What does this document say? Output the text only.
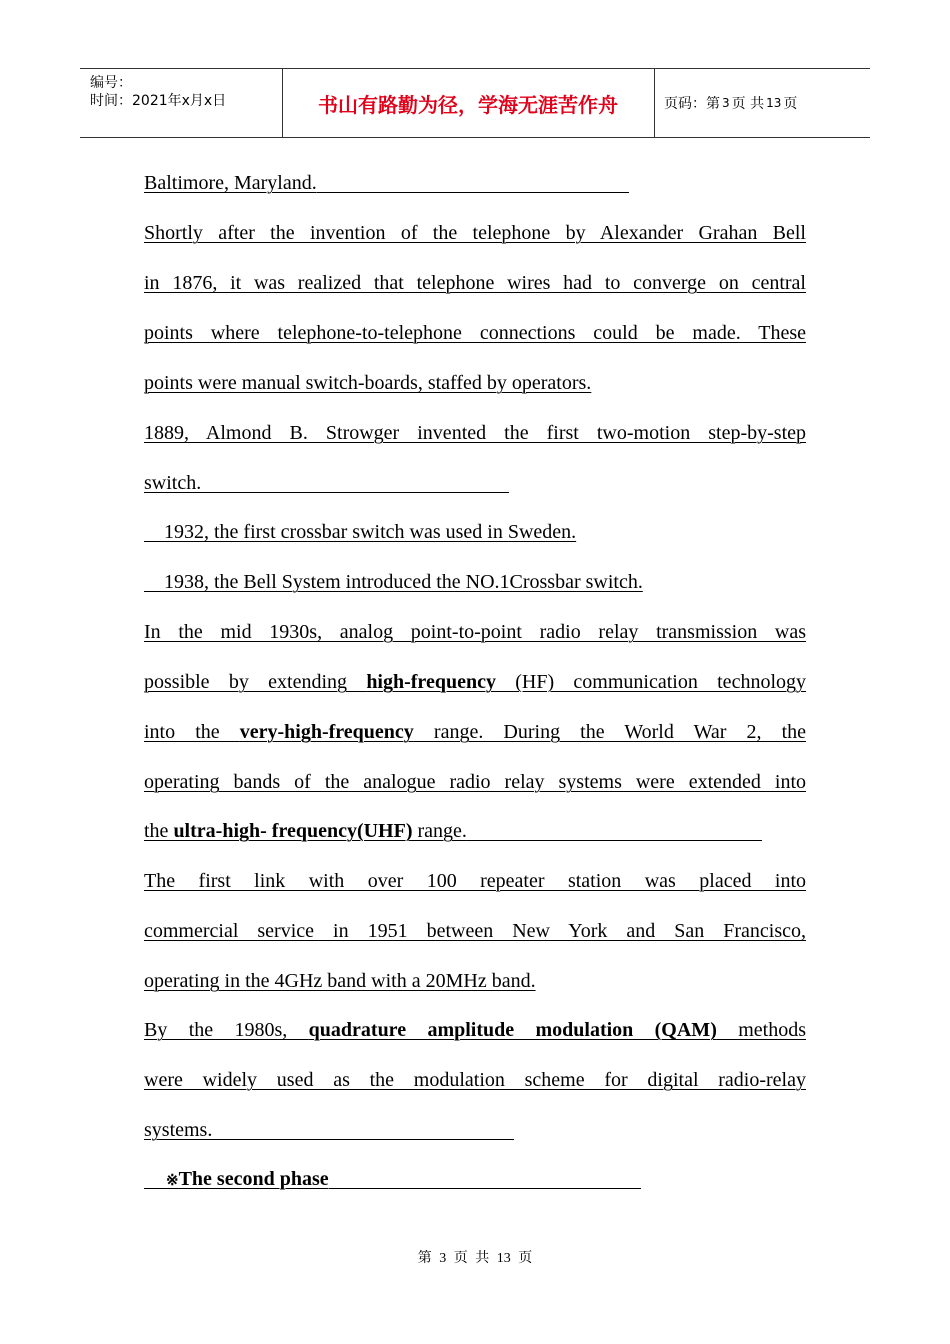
编号：
时间：2021年x月x日	书山有路勤为径，学海无涯苦作舟	页码：第 3 页 共 13 页
Baltimore, Maryland.
Shortly after the invention of the telephone by Alexander Grahan Bell
in 1876, it was realized that telephone wires had to converge on central
points where telephone-to-telephone connections could be made. These
points were manual switch-boards, staffed by operators.
1889, Almond B. Strowger invented the first two-motion step-by-step
switch.
1932, the first crossbar switch was used in Sweden.
1938, the Bell System introduced the NO.1Crossbar switch.
In the mid 1930s, analog point-to-point radio relay transmission was
possible by extending high-frequency (HF) communication technology
into the very-high-frequency range. During the World War 2, the
operating bands of the analogue radio relay systems were extended into
the ultra-high- frequency(UHF) range.
The first link with over 100 repeater station was placed into
commercial service in 1951 between New York and San Francisco,
operating in the 4GHz band with a 20MHz band.
By the 1980s, quadrature amplitude modulation (QAM) methods
were widely used as the modulation scheme for digital radio-relay
systems.
※The second phase
第 3 页 共 13 页
